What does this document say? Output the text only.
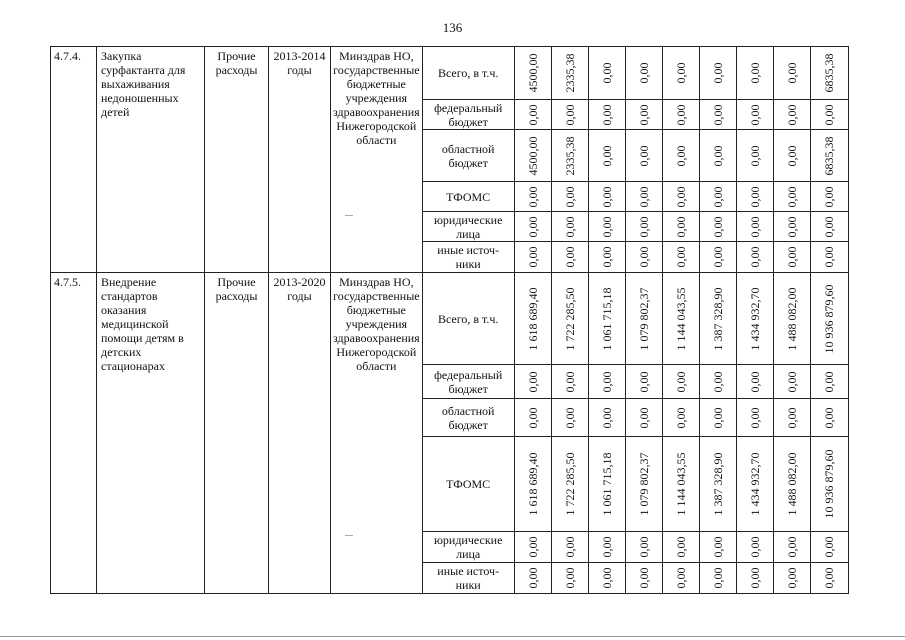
136
4.7.4.	Закупка сурфактанта для выхаживания недоношенных детей	Прочие расходы	2013-2014 годы	Минздрав НО, государственные бюджетные учреждения здравоохранения Нижегородской области	Всего, в т.ч.	4500,00	2335,38	0,00	0,00	0,00	0,00	0,00	0,00	6835,38

					федеральный
бюджет	0,00	0,00	0,00	0,00	0,00	0,00	0,00	0,00	0,00

					областной
бюджет	4500,00	2335,38	0,00	0,00	0,00	0,00	0,00	0,00	6835,38

					ТФОМС	0,00	0,00	0,00	0,00	0,00	0,00	0,00	0,00	0,00

					юридические
лица	0,00	0,00	0,00	0,00	0,00	0,00	0,00	0,00	0,00

					иные источ-
ники	0,00	0,00	0,00	0,00	0,00	0,00	0,00	0,00	0,00

4.7.5.	Внедрение стандартов оказания медицинской помощи детям в детских стационарах	Прочие расходы	2013-2020 годы	Минздрав НО, государственные бюджетные учреждения здравоохранения Нижегородской области	Всего, в т.ч.	1 618 689,40	1 722 285,50	1 061 715,18	1 079 802,37	1 144 043,55	1 387 328,90	1 434 932,70	1 488 082,00	10 936 879,60

					федеральный
бюджет	0,00	0,00	0,00	0,00	0,00	0,00	0,00	0,00	0,00

					областной
бюджет	0,00	0,00	0,00	0,00	0,00	0,00	0,00	0,00	0,00

					ТФОМС	1 618 689,40	1 722 285,50	1 061 715,18	1 079 802,37	1 144 043,55	1 387 328,90	1 434 932,70	1 488 082,00	10 936 879,60

					юридические
лица	0,00	0,00	0,00	0,00	0,00	0,00	0,00	0,00	0,00

					иные источ-
ники	0,00	0,00	0,00	0,00	0,00	0,00	0,00	0,00	0,00
